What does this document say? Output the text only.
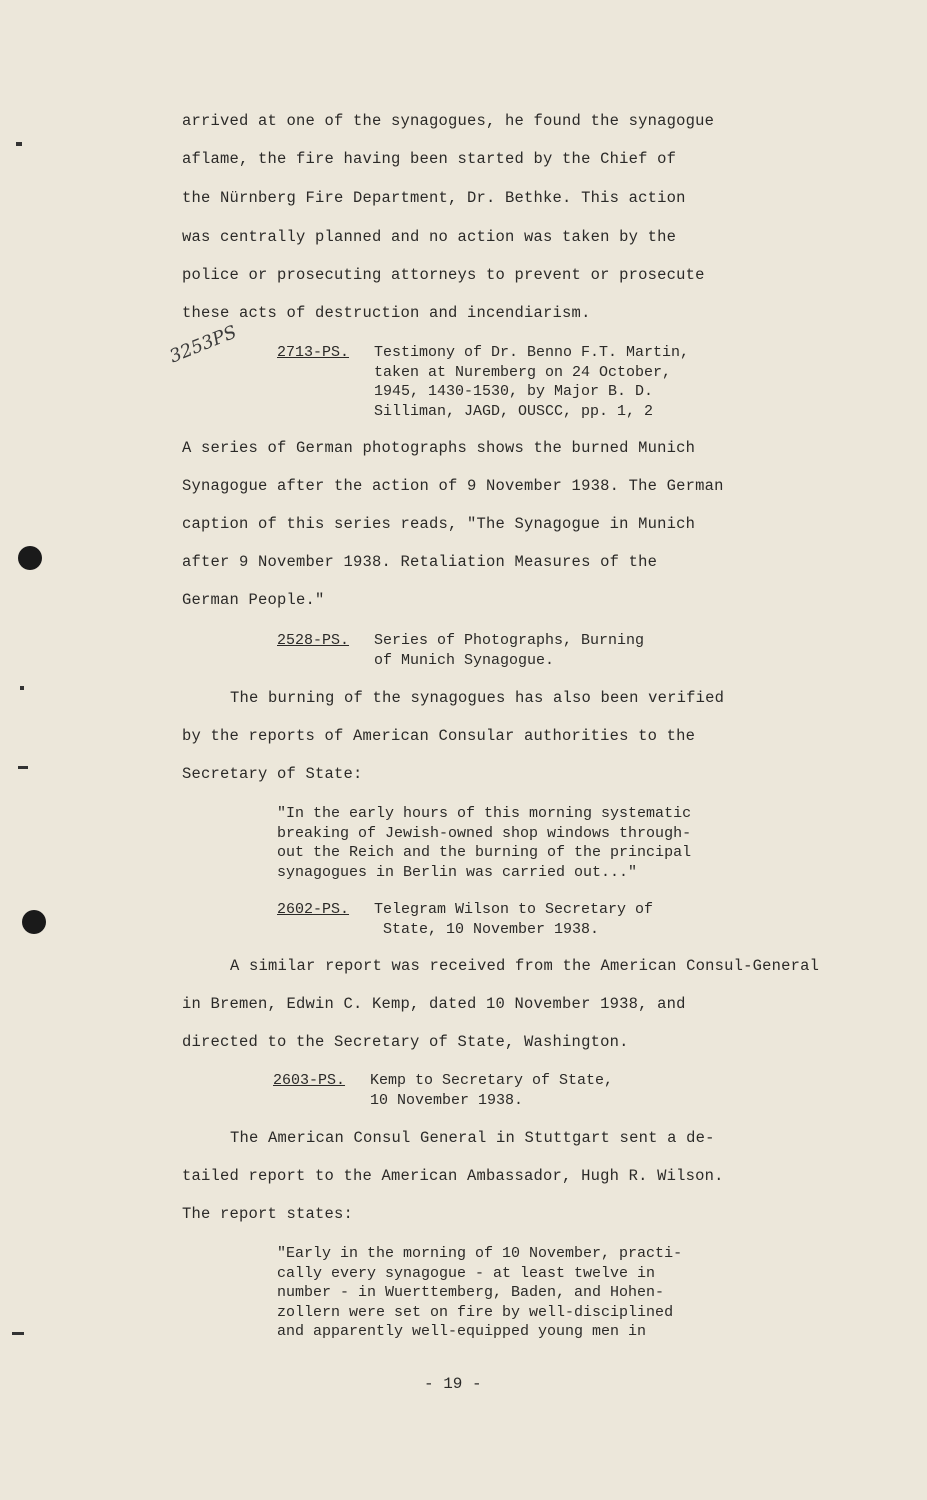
3253PS
arrived at one of the synagogues, he found the synagogue
aflame, the fire having been started by the Chief of
the Nürnberg Fire Department, Dr. Bethke. This action
was centrally planned and no action was taken by the
police or prosecuting attorneys to prevent or prosecute
these acts of destruction and incendiarism.
2713-PS. Testimony of Dr. Benno F.T. Martin,
taken at Nuremberg on 24 October,
1945, 1430-1530, by Major B. D.
Silliman, JAGD, OUSCC, pp. 1, 2
A series of German photographs shows the burned Munich
Synagogue after the action of 9 November 1938. The German
caption of this series reads, "The Synagogue in Munich
after 9 November 1938. Retaliation Measures of the
German People."
2528-PS. Series of Photographs, Burning
of Munich Synagogue.
The burning of the synagogues has also been verified
by the reports of American Consular authorities to the
Secretary of State:
"In the early hours of this morning systematic
breaking of Jewish-owned shop windows through-
out the Reich and the burning of the principal
synagogues in Berlin was carried out..."
2602-PS. Telegram Wilson to Secretary of
State, 10 November 1938.
A similar report was received from the American Consul-General
in Bremen, Edwin C. Kemp, dated 10 November 1938, and
directed to the Secretary of State, Washington.
2603-PS. Kemp to Secretary of State,
10 November 1938.
The American Consul General in Stuttgart sent a de-
tailed report to the American Ambassador, Hugh R. Wilson.
The report states:
"Early in the morning of 10 November, practi-
cally every synagogue - at least twelve in
number - in Wuerttemberg, Baden, and Hohen-
zollern were set on fire by well-disciplined
and apparently well-equipped young men in
- 19 -
